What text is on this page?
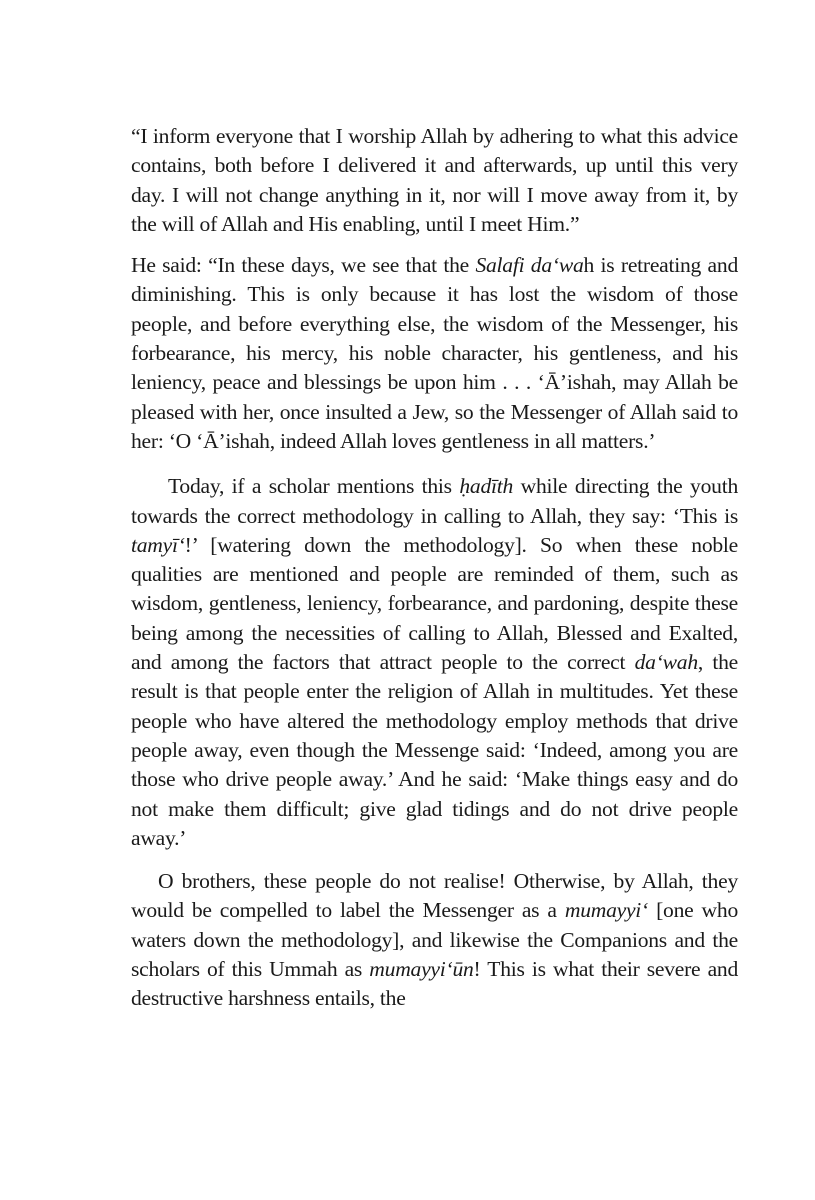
“I inform everyone that I worship Allah by adhering to what this advice contains, both before I delivered it and afterwards, up until this very day. I will not change anything in it, nor will I move away from it, by the will of Allah and His enabling, until I meet Him.”

He said: “In these days, we see that the Salafi da‘wah is retreating and diminishing. This is only because it has lost the wisdom of those people, and before everything else, the wisdom of the Messenger, his forbearance, his mercy, his noble character, his gentleness, and his leniency, peace and blessings be upon him . . . ‘Ā’ishah, may Allah be pleased with her, once insulted a Jew, so the Messenger of Allah said to her: ‘O ‘Ā’ishah, indeed Allah loves gentleness in all matters.’

Today, if a scholar mentions this ḥadīth while directing the youth towards the correct methodology in calling to Allah, they say: ‘This is tamyī‘!’ [watering down the methodology]. So when these noble qualities are mentioned and people are reminded of them, such as wisdom, gentleness, leniency, forbearance, and pardoning, despite these being among the necessities of calling to Allah, Blessed and Exalted, and among the factors that attract people to the correct da‘wah, the result is that people enter the religion of Allah in multitudes. Yet these people who have altered the methodology employ methods that drive people away, even though the Messenge said: ‘Indeed, among you are those who drive people away.’ And he said: ‘Make things easy and do not make them difficult; give glad tidings and do not drive people away.’

O brothers, these people do not realise! Otherwise, by Allah, they would be compelled to label the Messenger as a mumayyi‘ [one who waters down the methodology], and likewise the Companions and the scholars of this Ummah as mumayyi‘ūn! This is what their severe and destructive harshness entails, the
